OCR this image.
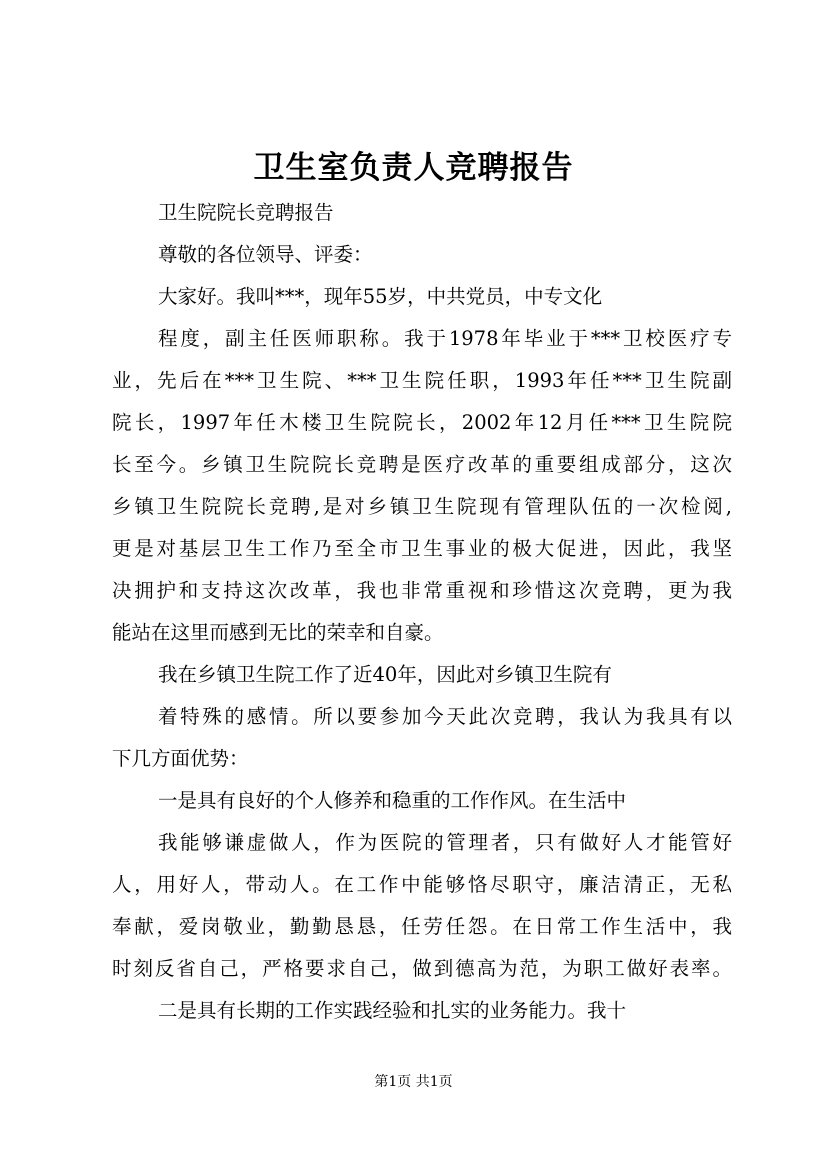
卫生室负责人竞聘报告
卫生院院长竞聘报告
尊敬的各位领导、评委：
大家好。我叫***，现年55岁，中共党员，中专文化
程度，副主任医师职称。我于1978年毕业于***卫校医疗专
业，先后在***卫生院、***卫生院任职，1993年任***卫生院副
院长，1997年任木楼卫生院院长，2002年12月任***卫生院院
长至今。乡镇卫生院院长竞聘是医疗改革的重要组成部分，这次
乡镇卫生院院长竞聘,是对乡镇卫生院现有管理队伍的一次检阅,
更是对基层卫生工作乃至全市卫生事业的极大促进，因此，我坚
决拥护和支持这次改革，我也非常重视和珍惜这次竞聘，更为我
能站在这里而感到无比的荣幸和自豪。
我在乡镇卫生院工作了近40年，因此对乡镇卫生院有
着特殊的感情。所以要参加今天此次竞聘，我认为我具有以
下几方面优势：
一是具有良好的个人修养和稳重的工作作风。在生活中
我能够谦虚做人，作为医院的管理者，只有做好人才能管好
人，用好人，带动人。在工作中能够恪尽职守，廉洁清正，无私
奉献，爱岗敬业，勤勤恳恳，任劳任怨。在日常工作生活中，我
时刻反省自己，严格要求自己，做到德高为范，为职工做好表率。
二是具有长期的工作实践经验和扎实的业务能力。我十
第1页 共1页
